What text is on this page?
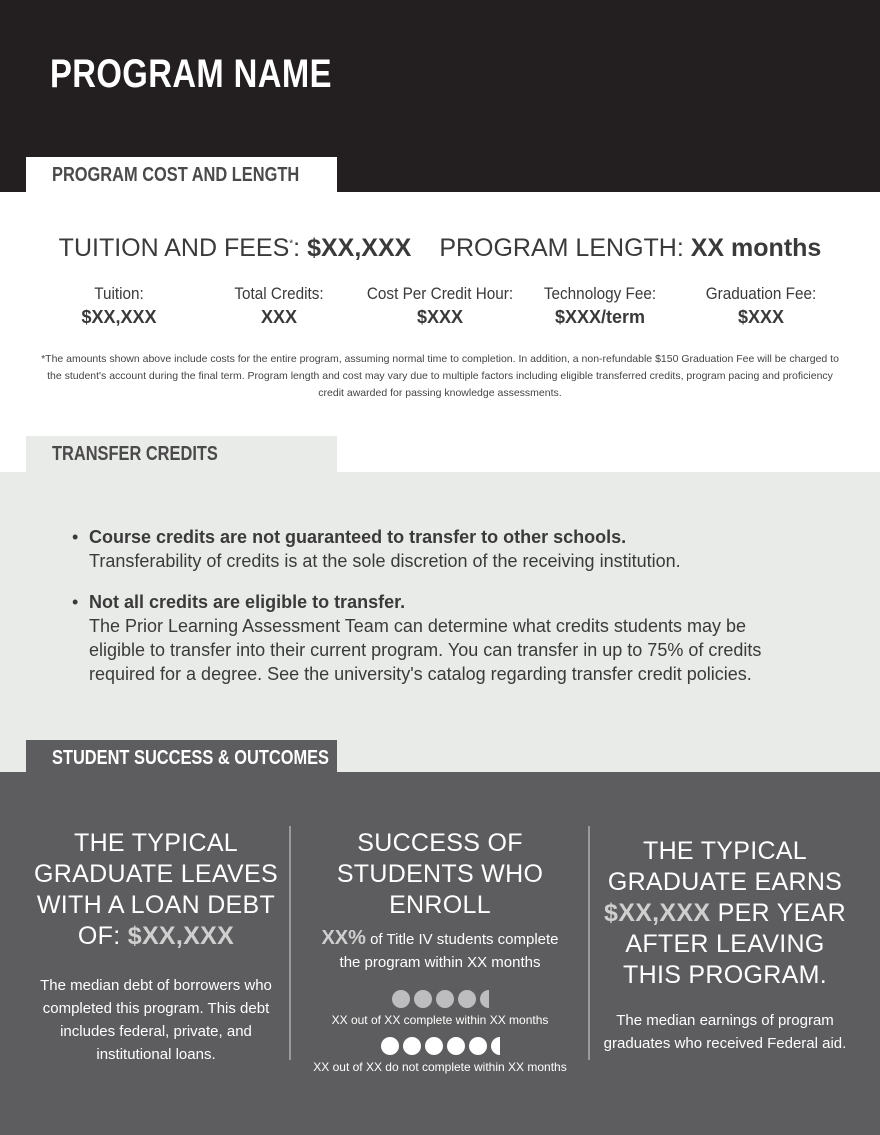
PROGRAM NAME
PROGRAM COST AND LENGTH
TUITION AND FEES*: $XX,XXX PROGRAM LENGTH: XX months
Tuition:
$XX,XXX
Total Credits:
XXX
Cost Per Credit Hour:
$XXX
Technology Fee:
$XXX/term
Graduation Fee:
$XXX
*The amounts shown above include costs for the entire program, assuming normal time to completion. In addition, a non-refundable $150 Graduation Fee will be charged to the student's account during the final term. Program length and cost may vary due to multiple factors including eligible transferred credits, program pacing and proficiency credit awarded for passing knowledge assessments.
TRANSFER CREDITS
• Course credits are not guaranteed to transfer to other schools.
Transferability of credits is at the sole discretion of the receiving institution.
• Not all credits are eligible to transfer.
The Prior Learning Assessment Team can determine what credits students may be eligible to transfer into their current program. You can transfer in up to 75% of credits required for a degree. See the university's catalog regarding transfer credit policies.
STUDENT SUCCESS & OUTCOMES
THE TYPICAL GRADUATE LEAVES WITH A LOAN DEBT OF: $XX,XXX
The median debt of borrowers who completed this program. This debt includes federal, private, and institutional loans.
SUCCESS OF STUDENTS WHO ENROLL
XX% of Title IV students complete the program within XX months
XX out of XX complete within XX months
XX out of XX do not complete within XX months
THE TYPICAL GRADUATE EARNS $XX,XXX PER YEAR AFTER LEAVING THIS PROGRAM.
The median earnings of program graduates who received Federal aid.
